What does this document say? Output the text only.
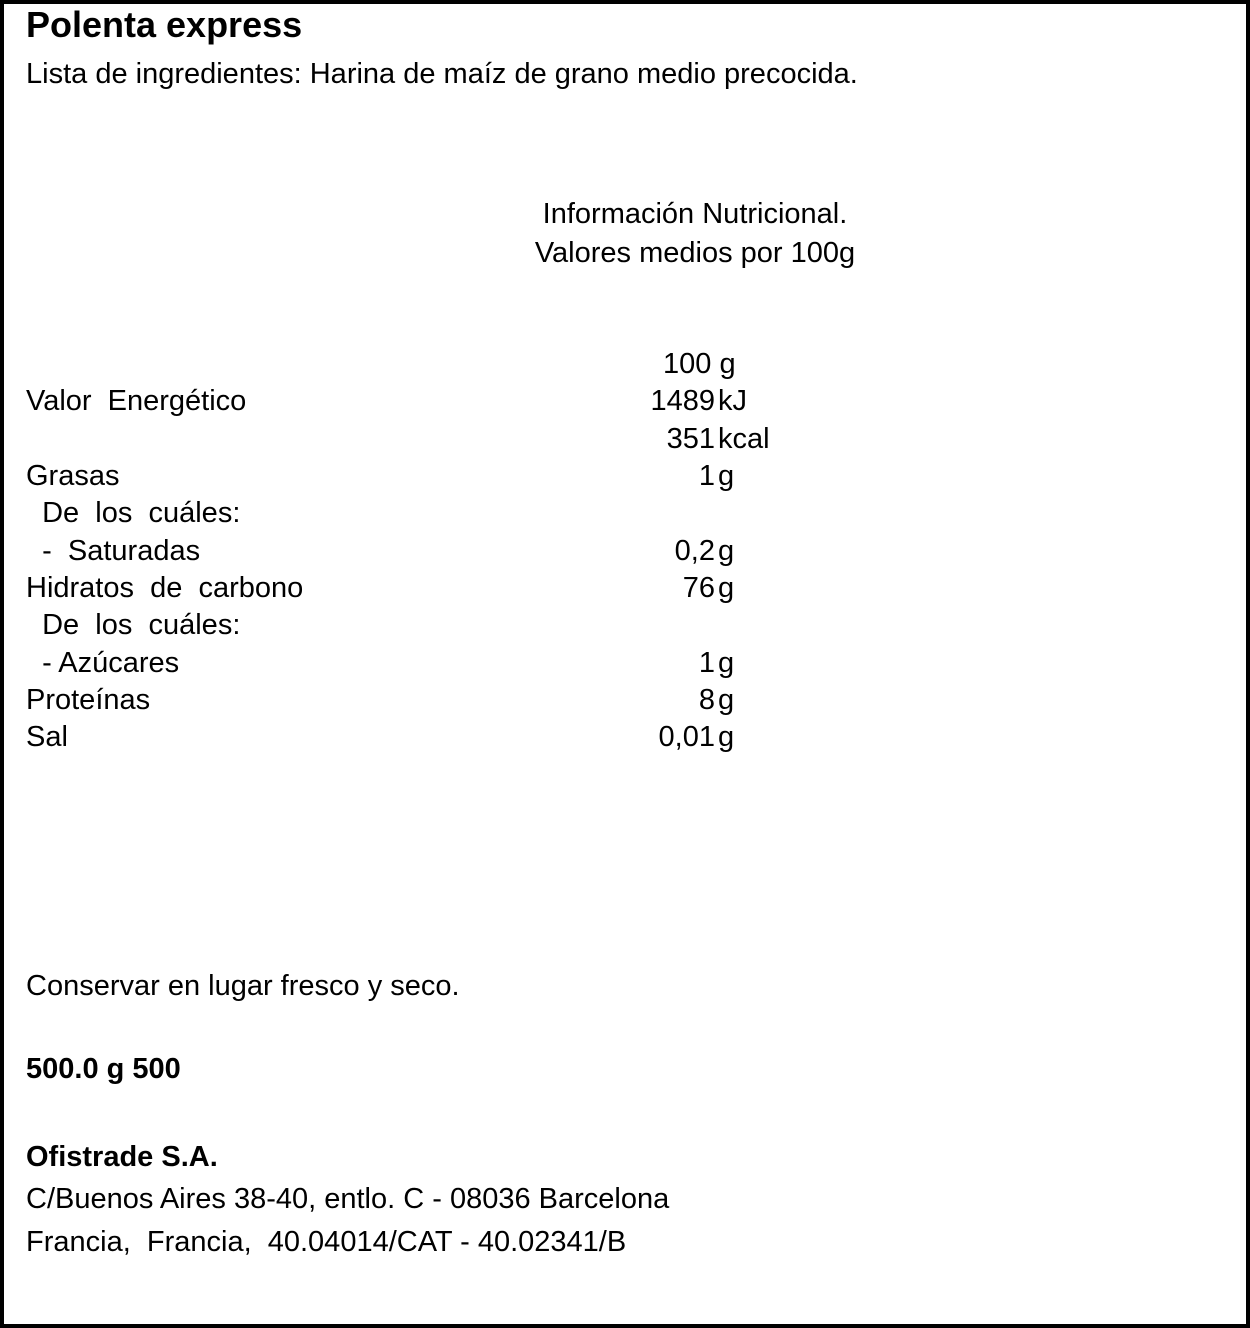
Polenta express
Lista de ingredientes: Harina de maíz de grano medio precocida.
Información Nutricional.
Valores medios por 100g
100 g
Valor  Energético	1489 kJ
351 kcal
Grasas	1 g
De  los  cuáles:
-  Saturadas	0,2 g
Hidratos  de  carbono	76 g
De  los  cuáles:
- Azúcares	1 g
Proteínas	8 g
Sal	0,01 g
Conservar en lugar fresco y seco.
500.0 g 500
Ofistrade S.A.
C/Buenos Aires 38-40, entlo. C - 08036 Barcelona
Francia,  Francia,  40.04014/CAT - 40.02341/B
